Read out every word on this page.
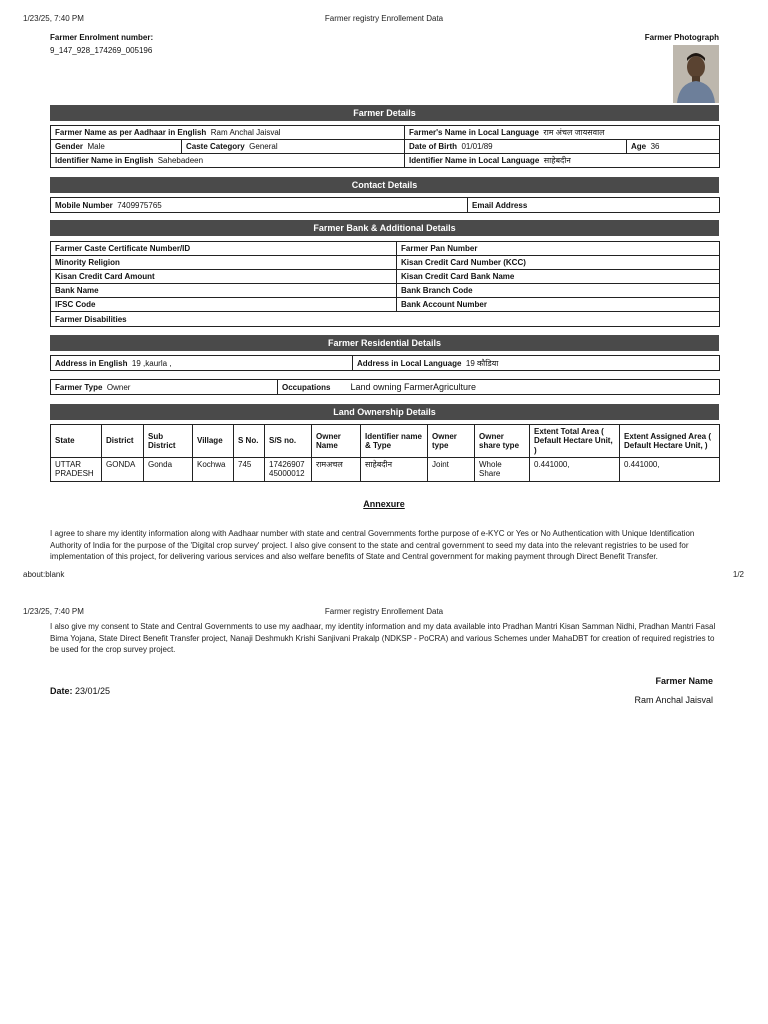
1/23/25, 7:40 PM	Farmer registry Enrollement Data
Farmer Enrolment number:
9_147_928_174269_005196
Farmer Photograph
Farmer Details
Farmer Name as per Aadhaar in English Ram Anchal Jaisval		Farmer's Name in Local Language राम अंचल जायसवाल	
Gender Male	Caste Category General	Date of Birth 01/01/89	Age 36
Identifier Name in English Sahebadeen		Identifier Name in Local Language साहेबदीन	
Contact Details
Mobile Number 7409975765	Email Address
Farmer Bank & Additional Details
Farmer Caste Certificate Number/ID	Farmer Pan Number
Minority Religion	Kisan Credit Card Number (KCC)
Kisan Credit Card Amount	Kisan Credit Card Bank Name
Bank Name	Bank Branch Code
IFSC Code	Bank Account Number
Farmer Disabilities	
Farmer Residential Details
Address in English 19 ,kaurla ,	Address in Local Language 19 कौडिया
Farmer Type Owner	Occupations Land owning FarmerAgriculture
Land Ownership Details
State	District	Sub District	Village	S No.	S/S no.	Owner Name	Identifier name & Type	Owner type	Owner share type	Extent Total Area ( Default Hectare Unit, )	Extent Assigned Area ( Default Hectare Unit, )
UTTAR PRADESH	GONDA	Gonda	Kochwa	745	17426907 45000012	रामअचल	साहेबदीन	Joint	Whole Share	0.441000,	0.441000,
Annexure
I agree to share my identity information along with Aadhaar number with state and central Governments forthe purpose of e-KYC or Yes or No Authentication with Unique Identification Authority of India for the purpose of the 'Digital crop survey' project. I also give consent to the state and central government to seed my data into the relevant registries to be used for implementation of this project, for delivering various services and also welfare benefits of State and Central government for making payment through Direct Benefit Transfer.
about:blank	1/2
1/23/25, 7:40 PM	Farmer registry Enrollement Data
I also give my consent to State and Central Governments to use my aadhaar, my identity information and my data available into Pradhan Mantri Kisan Samman Nidhi, Pradhan Mantri Fasal Bima Yojana, State Direct Benefit Transfer project, Nanaji Deshmukh Krishi Sanjivani Prakalp (NDKSP - PoCRA) and various Schemes under MahaDBT for creation of required registries to be used for the crop survey project.
Farmer Name
Date: 23/01/25
Ram Anchal Jaisval
